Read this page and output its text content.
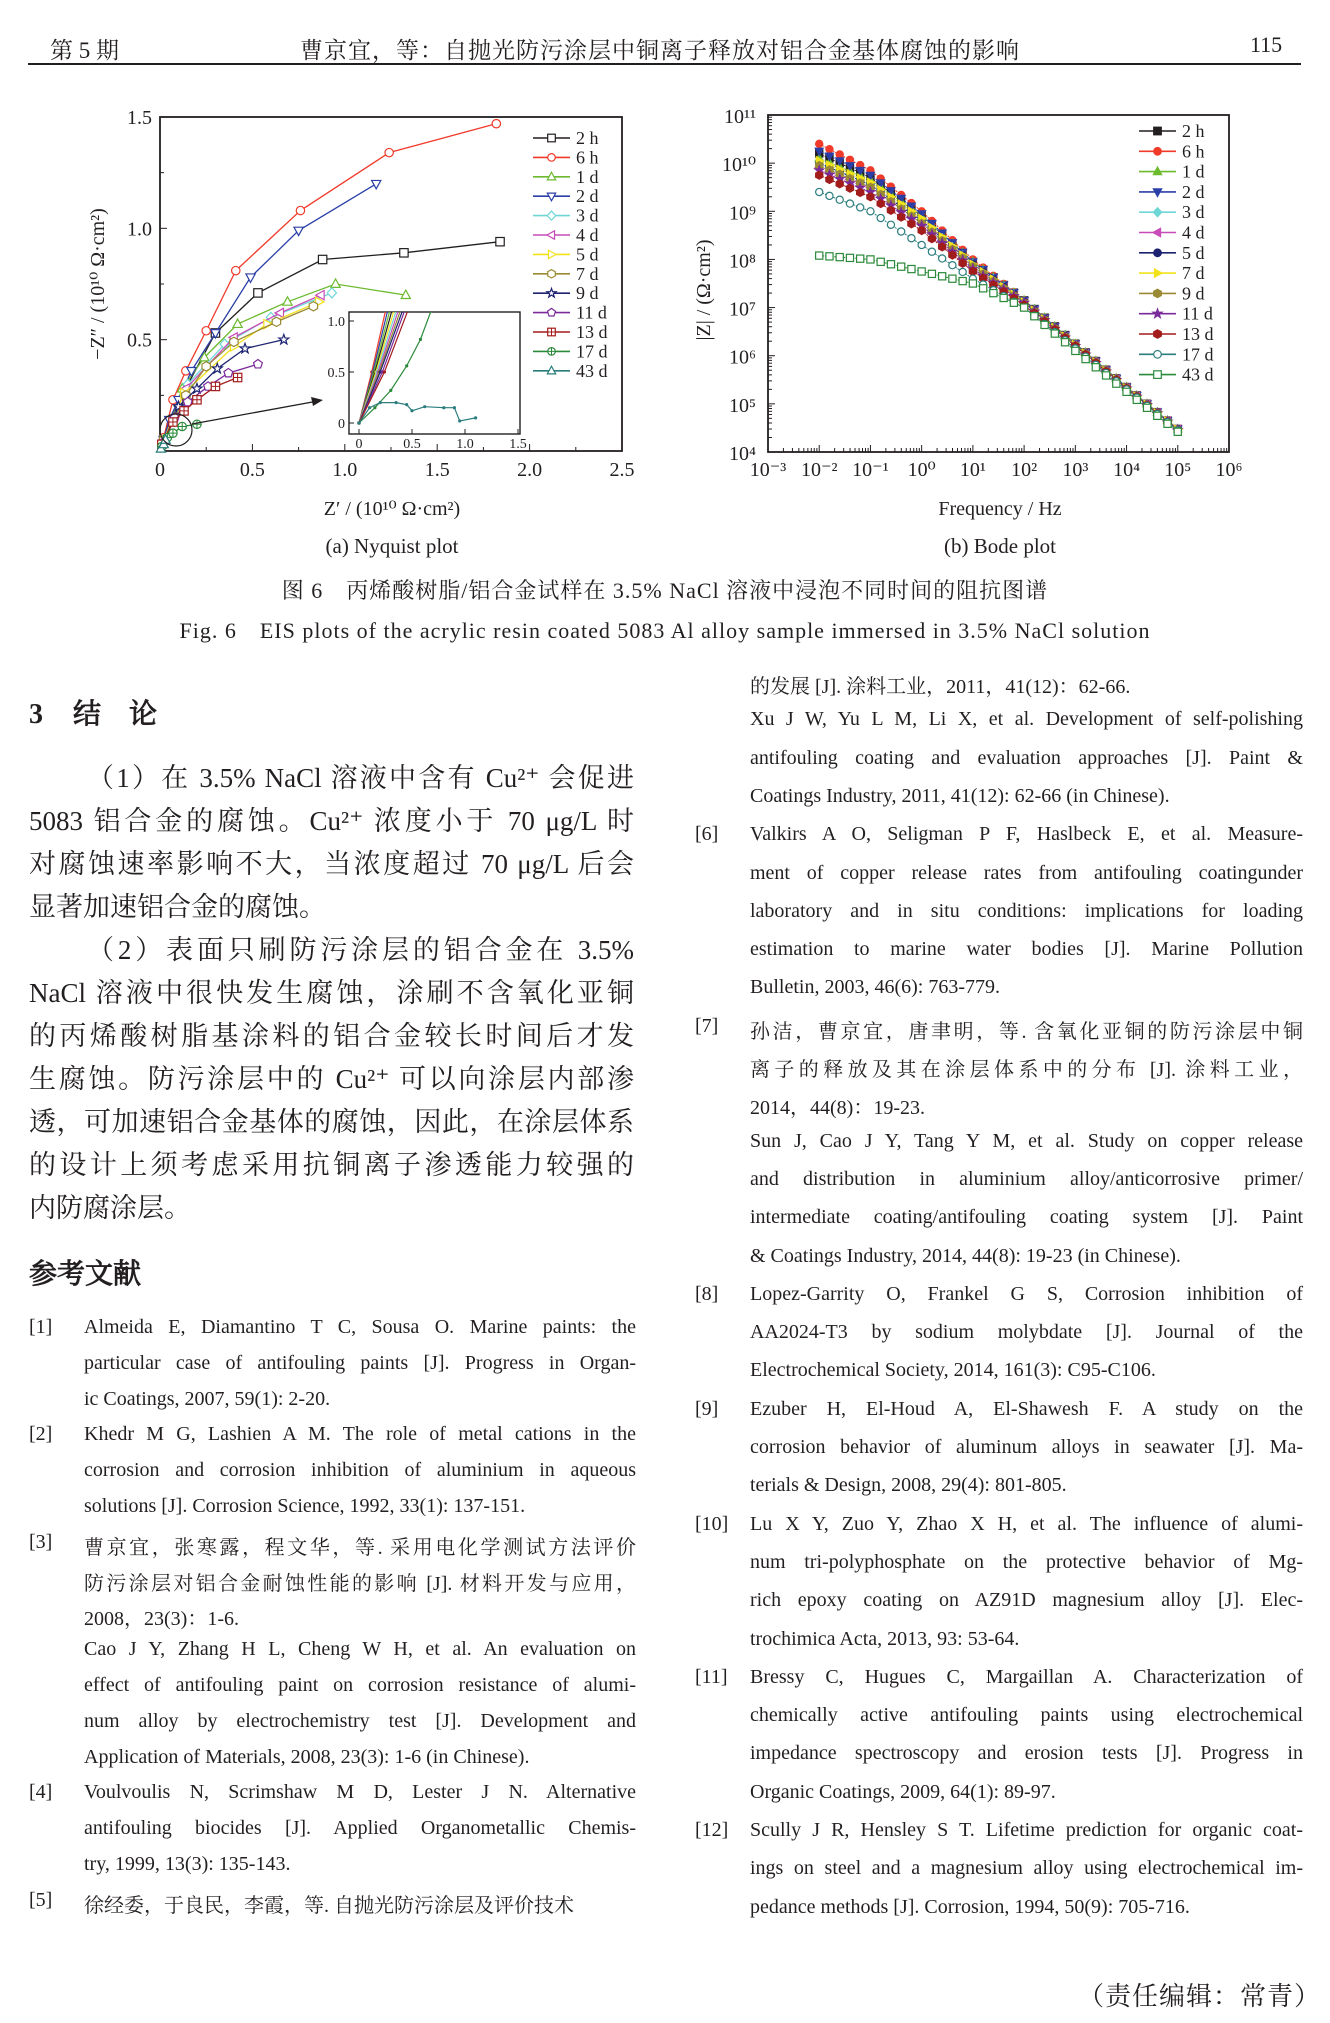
第 5 期	曹京宜，等：自抛光防污涂层中铜离子释放对铝合金基体腐蚀的影响	115
0	0.5	1.0	1.5	2.0	2.5
0.5
1.0
1.5
Z′ / (10¹⁰ Ω·cm²)
−Z″ / (10¹⁰ Ω·cm²)
(a) Nyquist plot
2 h
6 h
1 d
2 d
3 d
4 d
5 d
7 d
9 d
11 d
13 d
17 d
43 d
0	0.5	1.0	1.5
0
0.5
1.0
10⁻³ 10⁻² 10⁻¹ 10⁰ 10¹ 10² 10³ 10⁴ 10⁵ 10⁶
10⁴
10⁵
10⁶
10⁷
10⁸
10⁹
10¹⁰
10¹¹
Frequency / Hz
|Z| / (Ω·cm²)
(b) Bode plot
2 h
6 h
1 d
2 d
3 d
4 d
5 d
7 d
9 d
11 d
13 d
17 d
43 d
图 6　丙烯酸树脂/铝合金试样在 3.5% NaCl 溶液中浸泡不同时间的阻抗图谱
Fig. 6　EIS plots of the acrylic resin coated 5083 Al alloy sample immersed in 3.5% NaCl solution
3 结　论
（1）在 3.5% NaCl 溶液中含有 Cu²⁺ 会促进
5083 铝合金的腐蚀。Cu²⁺ 浓度小于 70 μg/L 时
对腐蚀速率影响不大，当浓度超过 70 μg/L 后会
显著加速铝合金的腐蚀。
（2）表面只刷防污涂层的铝合金在 3.5%
NaCl 溶液中很快发生腐蚀，涂刷不含氧化亚铜
的丙烯酸树脂基涂料的铝合金较长时间后才发
生腐蚀。防污涂层中的 Cu²⁺ 可以向涂层内部渗
透，可加速铝合金基体的腐蚀，因此，在涂层体系
的设计上须考虑采用抗铜离子渗透能力较强的
内防腐涂层。
参考文献
[1] Almeida E, Diamantino T C, Sousa O. Marine paints: the
particular case of antifouling paints [J]. Progress in Organ-
ic Coatings, 2007, 59(1): 2-20.
[2] Khedr M G, Lashien A M. The role of metal cations in the
corrosion and corrosion inhibition of aluminium in aqueous
solutions [J]. Corrosion Science, 1992, 33(1): 137-151.
[3] 曹京宜，张寒露，程文华，等. 采用电化学测试方法评价
防污涂层对铝合金耐蚀性能的影响 [J]. 材料开发与应用，
2008，23(3)：1-6.
Cao J Y, Zhang H L, Cheng W H, et al. An evaluation on
effect of antifouling paint on corrosion resistance of alumi-
num alloy by electrochemistry test [J]. Development and
Application of Materials, 2008, 23(3): 1-6 (in Chinese).
[4] Voulvoulis N, Scrimshaw M D, Lester J N. Alternative
antifouling biocides [J]. Applied Organometallic Chemis-
try, 1999, 13(3): 135-143.
[5] 徐经委，于良民，李霞，等. 自抛光防污涂层及评价技术
的发展 [J]. 涂料工业，2011，41(12)：62-66.
Xu J W, Yu L M, Li X, et al. Development of self-polishing
antifouling coating and evaluation approaches [J]. Paint &
Coatings Industry, 2011, 41(12): 62-66 (in Chinese).
[6] Valkirs A O, Seligman P F, Haslbeck E, et al. Measure-
ment of copper release rates from antifouling coatingunder
laboratory and in situ conditions: implications for loading
estimation to marine water bodies [J]. Marine Pollution
Bulletin, 2003, 46(6): 763-779.
[7] 孙洁，曹京宜，唐聿明，等. 含氧化亚铜的防污涂层中铜
离子的释放及其在涂层体系中的分布 [J]. 涂料工业，
2014，44(8)：19-23.
Sun J, Cao J Y, Tang Y M, et al. Study on copper release
and distribution in aluminium alloy/anticorrosive primer/
intermediate coating/antifouling coating system [J]. Paint
& Coatings Industry, 2014, 44(8): 19-23 (in Chinese).
[8] Lopez-Garrity O, Frankel G S, Corrosion inhibition of
AA2024-T3 by sodium molybdate [J]. Journal of the
Electrochemical Society, 2014, 161(3): C95-C106.
[9] Ezuber H, El-Houd A, El-Shawesh F. A study on the
corrosion behavior of aluminum alloys in seawater [J]. Ma-
terials & Design, 2008, 29(4): 801-805.
[10] Lu X Y, Zuo Y, Zhao X H, et al. The influence of alumi-
num tri-polyphosphate on the protective behavior of Mg-
rich epoxy coating on AZ91D magnesium alloy [J]. Elec-
trochimica Acta, 2013, 93: 53-64.
[11] Bressy C, Hugues C, Margaillan A. Characterization of
chemically active antifouling paints using electrochemical
impedance spectroscopy and erosion tests [J]. Progress in
Organic Coatings, 2009, 64(1): 89-97.
[12] Scully J R, Hensley S T. Lifetime prediction for organic coat-
ings on steel and a magnesium alloy using electrochemical im-
pedance methods [J]. Corrosion, 1994, 50(9): 705-716.
（责任编辑：常青）
